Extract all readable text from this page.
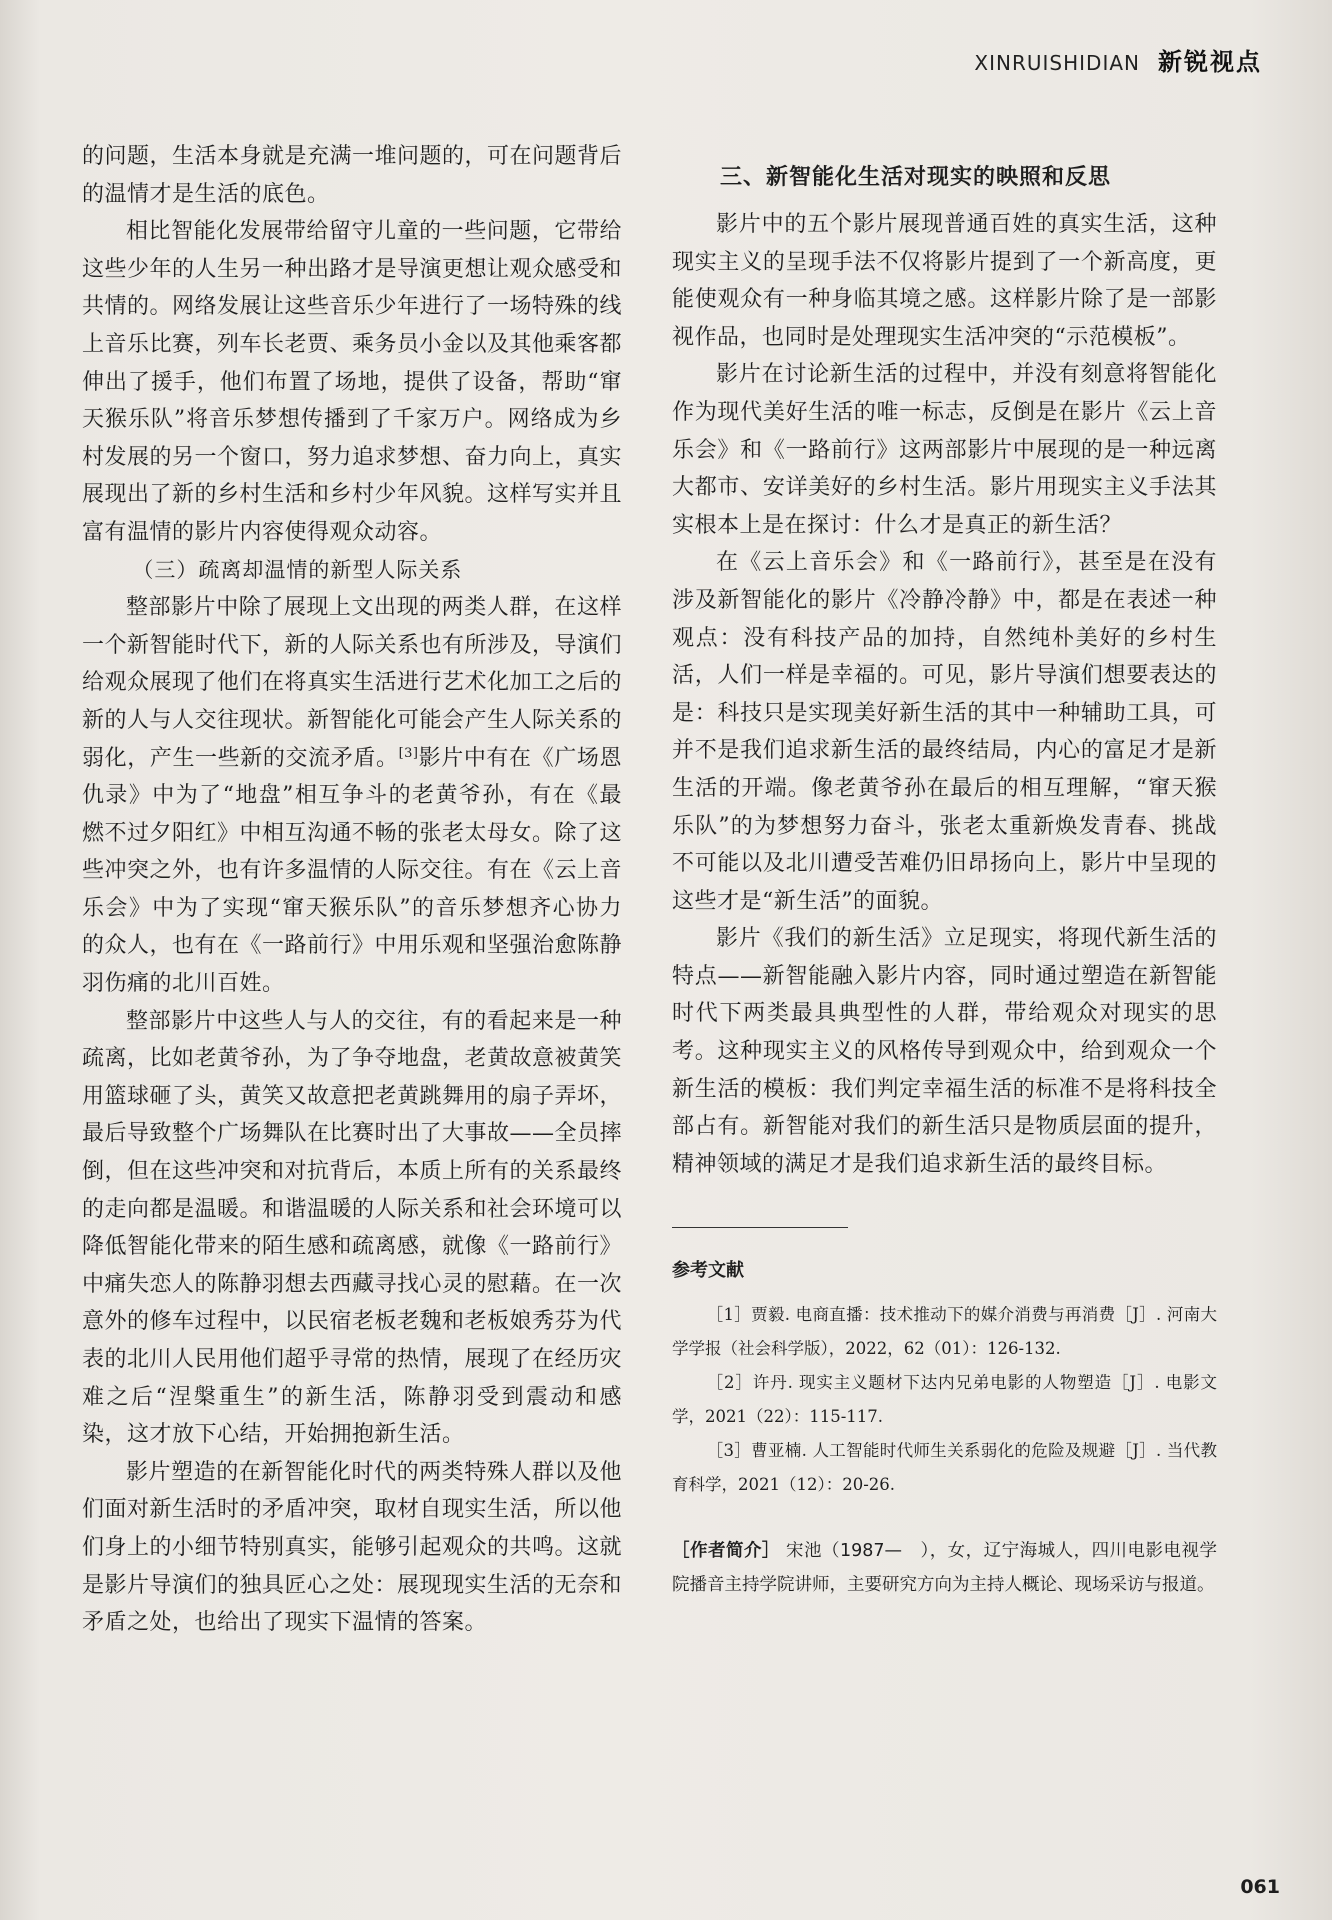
XINRUISHIDIAN 新锐视点

的问题，生活本身就是充满一堆问题的，可在问题背后的温情才是生活的底色。

相比智能化发展带给留守儿童的一些问题，它带给这些少年的人生另一种出路才是导演更想让观众感受和共情的。网络发展让这些音乐少年进行了一场特殊的线上音乐比赛，列车长老贾、乘务员小金以及其他乘客都伸出了援手，他们布置了场地，提供了设备，帮助“窜天猴乐队”将音乐梦想传播到了千家万户。网络成为乡村发展的另一个窗口，努力追求梦想、奋力向上，真实展现出了新的乡村生活和乡村少年风貌。这样写实并且富有温情的影片内容使得观众动容。

（三）疏离却温情的新型人际关系

整部影片中除了展现上文出现的两类人群，在这样一个新智能时代下，新的人际关系也有所涉及，导演们给观众展现了他们在将真实生活进行艺术化加工之后的新的人与人交往现状。新智能化可能会产生人际关系的弱化，产生一些新的交流矛盾。[3]影片中有在《广场恩仇录》中为了“地盘”相互争斗的老黄爷孙，有在《最燃不过夕阳红》中相互沟通不畅的张老太母女。除了这些冲突之外，也有许多温情的人际交往。有在《云上音乐会》中为了实现“窜天猴乐队”的音乐梦想齐心协力的众人，也有在《一路前行》中用乐观和坚强治愈陈静羽伤痛的北川百姓。

整部影片中这些人与人的交往，有的看起来是一种疏离，比如老黄爷孙，为了争夺地盘，老黄故意被黄笑用篮球砸了头，黄笑又故意把老黄跳舞用的扇子弄坏，最后导致整个广场舞队在比赛时出了大事故——全员摔倒，但在这些冲突和对抗背后，本质上所有的关系最终的走向都是温暖。和谐温暖的人际关系和社会环境可以降低智能化带来的陌生感和疏离感，就像《一路前行》中痛失恋人的陈静羽想去西藏寻找心灵的慰藉。在一次意外的修车过程中，以民宿老板老魏和老板娘秀芬为代表的北川人民用他们超乎寻常的热情，展现了在经历灾难之后“涅槃重生”的新生活，陈静羽受到震动和感染，这才放下心结，开始拥抱新生活。

影片塑造的在新智能化时代的两类特殊人群以及他们面对新生活时的矛盾冲突，取材自现实生活，所以他们身上的小细节特别真实，能够引起观众的共鸣。这就是影片导演们的独具匠心之处：展现现实生活的无奈和矛盾之处，也给出了现实下温情的答案。

三、新智能化生活对现实的映照和反思

影片中的五个影片展现普通百姓的真实生活，这种现实主义的呈现手法不仅将影片提到了一个新高度，更能使观众有一种身临其境之感。这样影片除了是一部影视作品，也同时是处理现实生活冲突的“示范模板”。

影片在讨论新生活的过程中，并没有刻意将智能化作为现代美好生活的唯一标志，反倒是在影片《云上音乐会》和《一路前行》这两部影片中展现的是一种远离大都市、安详美好的乡村生活。影片用现实主义手法其实根本上是在探讨：什么才是真正的新生活？

在《云上音乐会》和《一路前行》，甚至是在没有涉及新智能化的影片《冷静冷静》中，都是在表述一种观点：没有科技产品的加持，自然纯朴美好的乡村生活，人们一样是幸福的。可见，影片导演们想要表达的是：科技只是实现美好新生活的其中一种辅助工具，可并不是我们追求新生活的最终结局，内心的富足才是新生活的开端。像老黄爷孙在最后的相互理解，“窜天猴乐队”的为梦想努力奋斗，张老太重新焕发青春、挑战不可能以及北川遭受苦难仍旧昂扬向上，影片中呈现的这些才是“新生活”的面貌。

影片《我们的新生活》立足现实，将现代新生活的特点——新智能融入影片内容，同时通过塑造在新智能时代下两类最具典型性的人群，带给观众对现实的思考。这种现实主义的风格传导到观众中，给到观众一个新生活的模板：我们判定幸福生活的标准不是将科技全部占有。新智能对我们的新生活只是物质层面的提升，精神领域的满足才是我们追求新生活的最终目标。

参考文献

［1］贾毅. 电商直播：技术推动下的媒介消费与再消费［J］. 河南大学学报（社会科学版），2022，62（01）：126-132.

［2］许丹. 现实主义题材下达内兄弟电影的人物塑造［J］. 电影文学，2021（22）：115-117.

［3］曹亚楠. 人工智能时代师生关系弱化的危险及规避［J］. 当代教育科学，2021（12）：20-26.

［作者简介］ 宋池（1987—　），女，辽宁海城人，四川电影电视学院播音主持学院讲师，主要研究方向为主持人概论、现场采访与报道。

061
